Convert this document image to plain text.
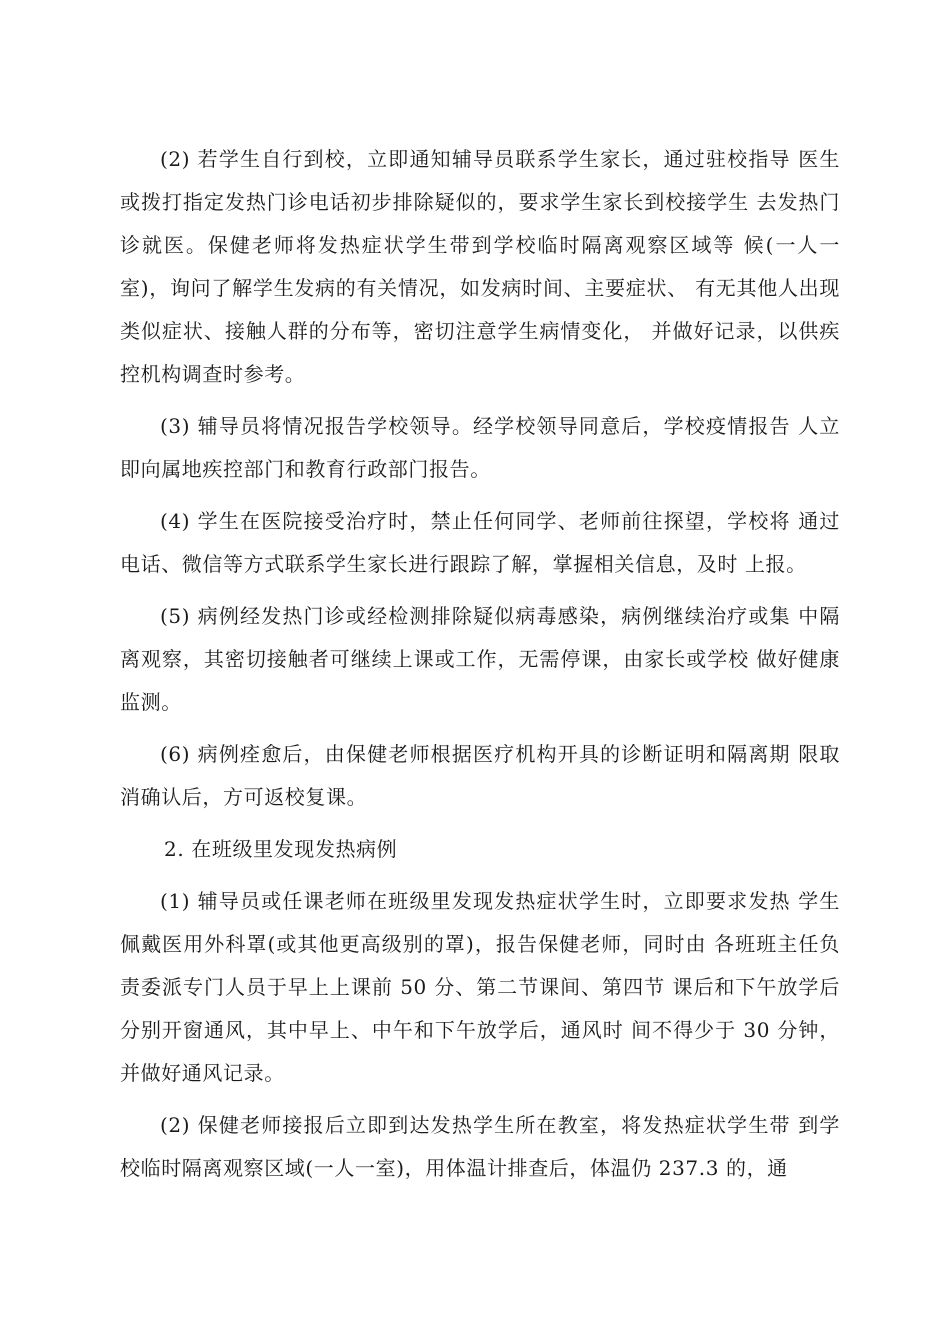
(2) 若学生自行到校，立即通知辅导员联系学生家长，通过驻校指导 医生或拨打指定发热门诊电话初步排除疑似的，要求学生家长到校接学生 去发热门诊就医。保健老师将发热症状学生带到学校临时隔离观察区域等 候(一人一室)，询问了解学生发病的有关情况，如发病时间、主要症状、 有无其他人出现类似症状、接触人群的分布等，密切注意学生病情变化， 并做好记录，以供疾控机构调查时参考。

(3) 辅导员将情况报告学校领导。经学校领导同意后，学校疫情报告 人立即向属地疾控部门和教育行政部门报告。

(4) 学生在医院接受治疗时，禁止任何同学、老师前往探望，学校将 通过电话、微信等方式联系学生家长进行跟踪了解，掌握相关信息，及时 上报。

(5) 病例经发热门诊或经检测排除疑似病毒感染，病例继续治疗或集 中隔离观察，其密切接触者可继续上课或工作，无需停课，由家长或学校 做好健康监测。

(6) 病例痊愈后，由保健老师根据医疗机构开具的诊断证明和隔离期 限取消确认后，方可返校复课。

2. 在班级里发现发热病例

(1) 辅导员或任课老师在班级里发现发热症状学生时，立即要求发热 学生佩戴医用外科罩(或其他更高级别的罩)，报告保健老师，同时由 各班班主任负责委派专门人员于早上上课前 50 分、第二节课间、第四节 课后和下午放学后分别开窗通风，其中早上、中午和下午放学后，通风时 间不得少于 30 分钟，并做好通风记录。

(2) 保健老师接报后立即到达发热学生所在教室，将发热症状学生带 到学校临时隔离观察区域(一人一室)，用体温计排查后，体温仍 237.3 的，通
